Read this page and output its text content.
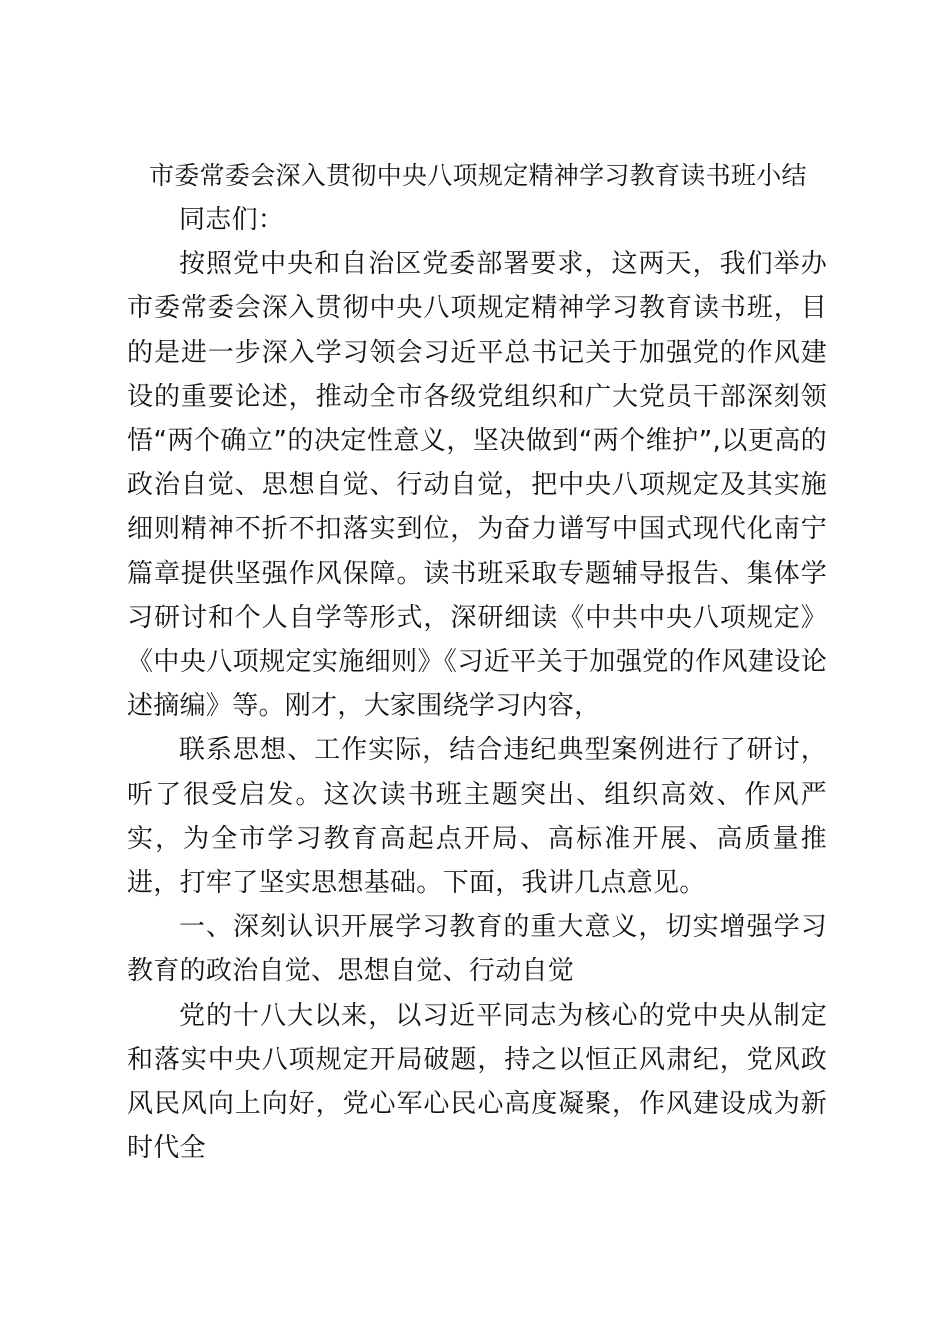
市委常委会深入贯彻中央八项规定精神学习教育读书班小结

同志们：

按照党中央和自治区党委部署要求，这两天，我们举办市委常委会深入贯彻中央八项规定精神学习教育读书班，目的是进一步深入学习领会习近平总书记关于加强党的作风建设的重要论述，推动全市各级党组织和广大党员干部深刻领悟“两个确立”的决定性意义，坚决做到“两个维护”,以更高的政治自觉、思想自觉、行动自觉，把中央八项规定及其实施细则精神不折不扣落实到位，为奋力谱写中国式现代化南宁篇章提供坚强作风保障。读书班采取专题辅导报告、集体学习研讨和个人自学等形式，深研细读《中共中央八项规定》《中央八项规定实施细则》《习近平关于加强党的作风建设论述摘编》等。刚才，大家围绕学习内容，

联系思想、工作实际，结合违纪典型案例进行了研讨，听了很受启发。这次读书班主题突出、组织高效、作风严实，为全市学习教育高起点开局、高标准开展、高质量推进，打牢了坚实思想基础。下面，我讲几点意见。

一、深刻认识开展学习教育的重大意义，切实增强学习教育的政治自觉、思想自觉、行动自觉

党的十八大以来，以习近平同志为核心的党中央从制定和落实中央八项规定开局破题，持之以恒正风肃纪，党风政风民风向上向好，党心军心民心高度凝聚，作风建设成为新时代全
